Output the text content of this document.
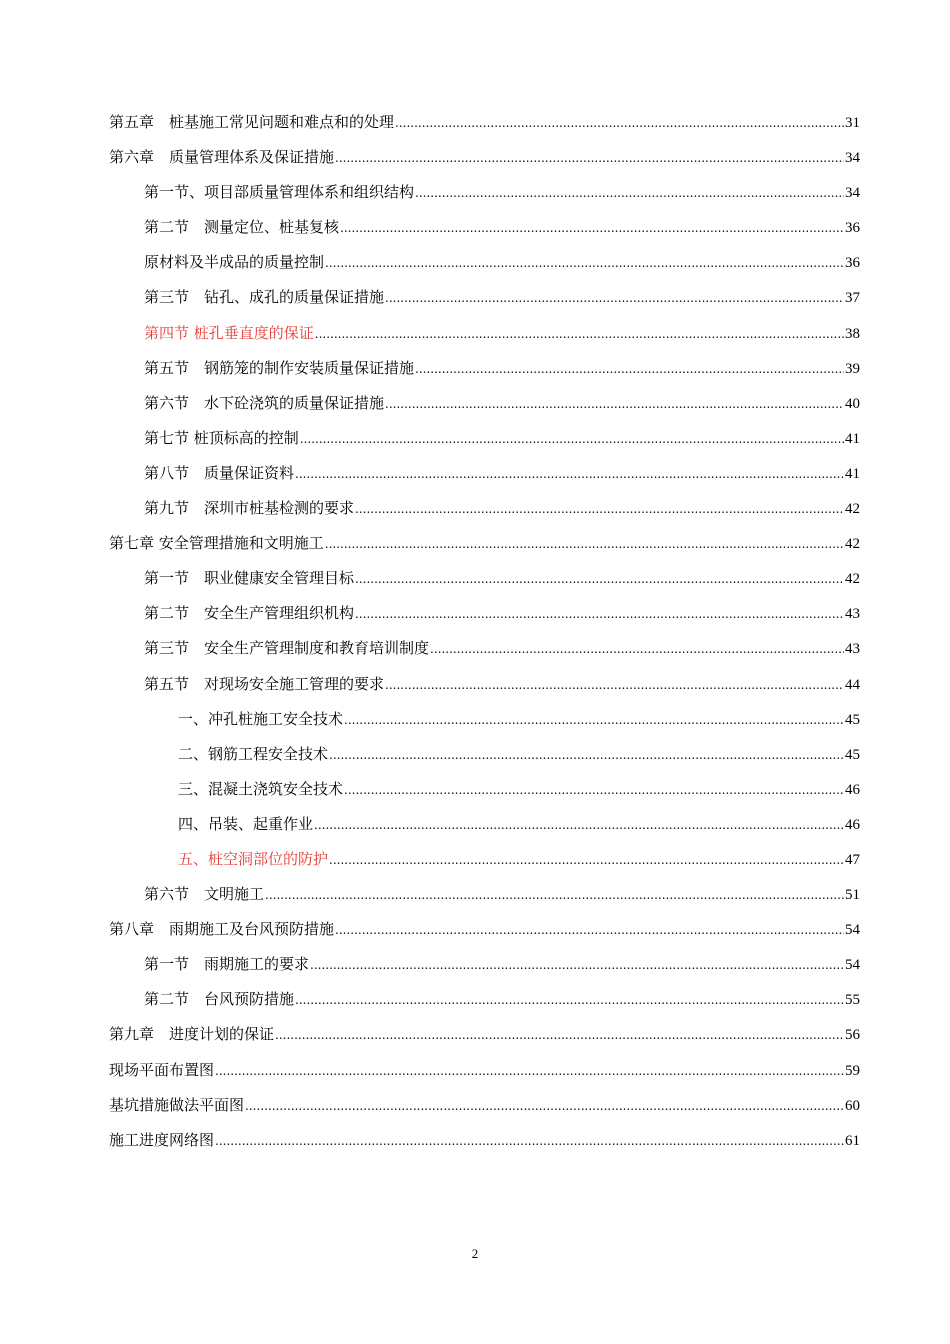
第五章　桩基施工常见问题和难点和的处理 .....	31
第六章　质量管理体系及保证措施 .....	34
第一节、项目部质量管理体系和组织结构 .....	34
第二节　测量定位、桩基复核 .....	36
原材料及半成品的质量控制 .....	36
第三节　钻孔、成孔的质量保证措施 .....	37
第四节 桩孔垂直度的保证 .....	38
第五节　钢筋笼的制作安装质量保证措施 .....	39
第六节　水下砼浇筑的质量保证措施 .....	40
第七节 桩顶标高的控制 .....	41
第八节　质量保证资料 .....	41
第九节　深圳市桩基检测的要求 .....	42
第七章 安全管理措施和文明施工 .....	42
第一节　职业健康安全管理目标 .....	42
第二节　安全生产管理组织机构 .....	43
第三节　安全生产管理制度和教育培训制度 .....	43
第五节　对现场安全施工管理的要求 .....	44
一、冲孔桩施工安全技术 .....	45
二、钢筋工程安全技术 .....	45
三、混凝土浇筑安全技术 .....	46
四、吊装、起重作业 .....	46
五、桩空洞部位的防护 .....	47
第六节　文明施工 .....	51
第八章　雨期施工及台风预防措施 .....	54
第一节　雨期施工的要求 .....	54
第二节　台风预防措施 .....	55
第九章　进度计划的保证 .....	56
现场平面布置图 .....	59
基坑措施做法平面图 .....	60
施工进度网络图 .....	61
2
